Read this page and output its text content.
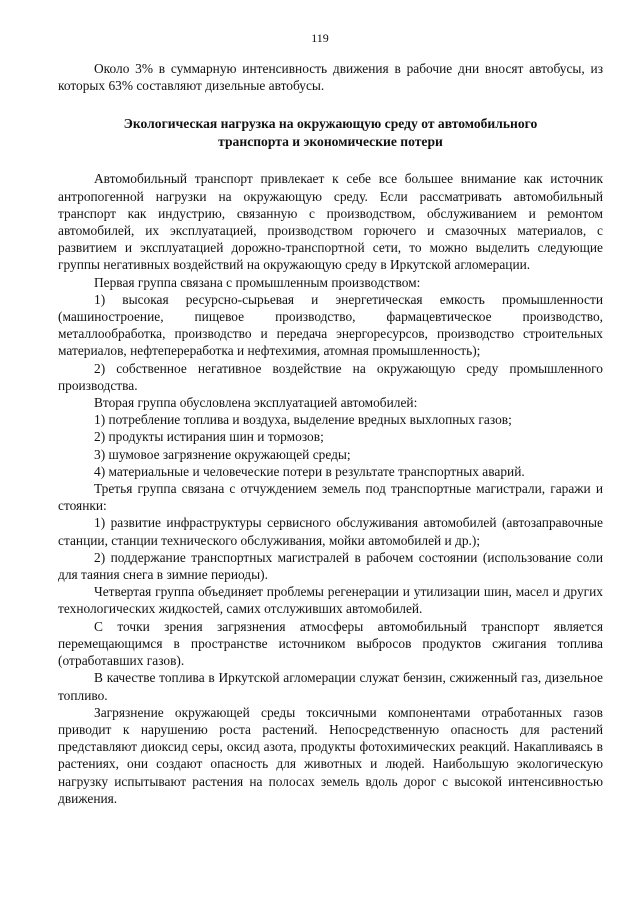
119

Около 3% в суммарную интенсивность движения в рабочие дни вносят автобусы, из которых 63% составляют дизельные автобусы.

Экологическая нагрузка на окружающую среду от автомобильного
транспорта и экономические потери

Автомобильный транспорт привлекает к себе все большее внимание как источник антропогенной нагрузки на окружающую среду. Если рассматривать автомобильный транспорт как индустрию, связанную с производством, обслуживанием и ремонтом автомобилей, их эксплуатацией, производством горючего и смазочных материалов, с развитием и эксплуатацией дорожно-транспортной сети, то можно выделить следующие группы негативных воздействий на окружающую среду в Иркутской агломерации.

Первая группа связана с промышленным производством:

1) высокая ресурсно-сырьевая и энергетическая емкость промышленности (машиностроение, пищевое производство, фармацевтическое производство, металлообработка, производство и передача энергоресурсов, производство строительных материалов, нефтепереработка и нефтехимия, атомная промышленность);

2) собственное негативное воздействие на окружающую среду промышленного производства.

Вторая группа обусловлена эксплуатацией автомобилей:

1) потребление топлива и воздуха, выделение вредных выхлопных газов;

2) продукты истирания шин и тормозов;

3) шумовое загрязнение окружающей среды;

4) материальные и человеческие потери в результате транспортных аварий.

Третья группа связана с отчуждением земель под транспортные магистрали, гаражи и стоянки:

1) развитие инфраструктуры сервисного обслуживания автомобилей (автозаправочные станции, станции технического обслуживания, мойки автомобилей и др.);

2) поддержание транспортных магистралей в рабочем состоянии (использование соли для таяния снега в зимние периоды).

Четвертая группа объединяет проблемы регенерации и утилизации шин, масел и других технологических жидкостей, самих отслуживших автомобилей.

С точки зрения загрязнения атмосферы автомобильный транспорт является перемещающимся в пространстве источником выбросов продуктов сжигания топлива (отработавших газов).

В качестве топлива в Иркутской агломерации служат бензин, сжиженный газ, дизельное топливо.

Загрязнение окружающей среды токсичными компонентами отработанных газов приводит к нарушению роста растений. Непосредственную опасность для растений представляют диоксид серы, оксид азота, продукты фотохимических реакций. Накапливаясь в растениях, они создают опасность для животных и людей. Наибольшую экологическую нагрузку испытывают растения на полосах земель вдоль дорог с высокой интенсивностью движения.
